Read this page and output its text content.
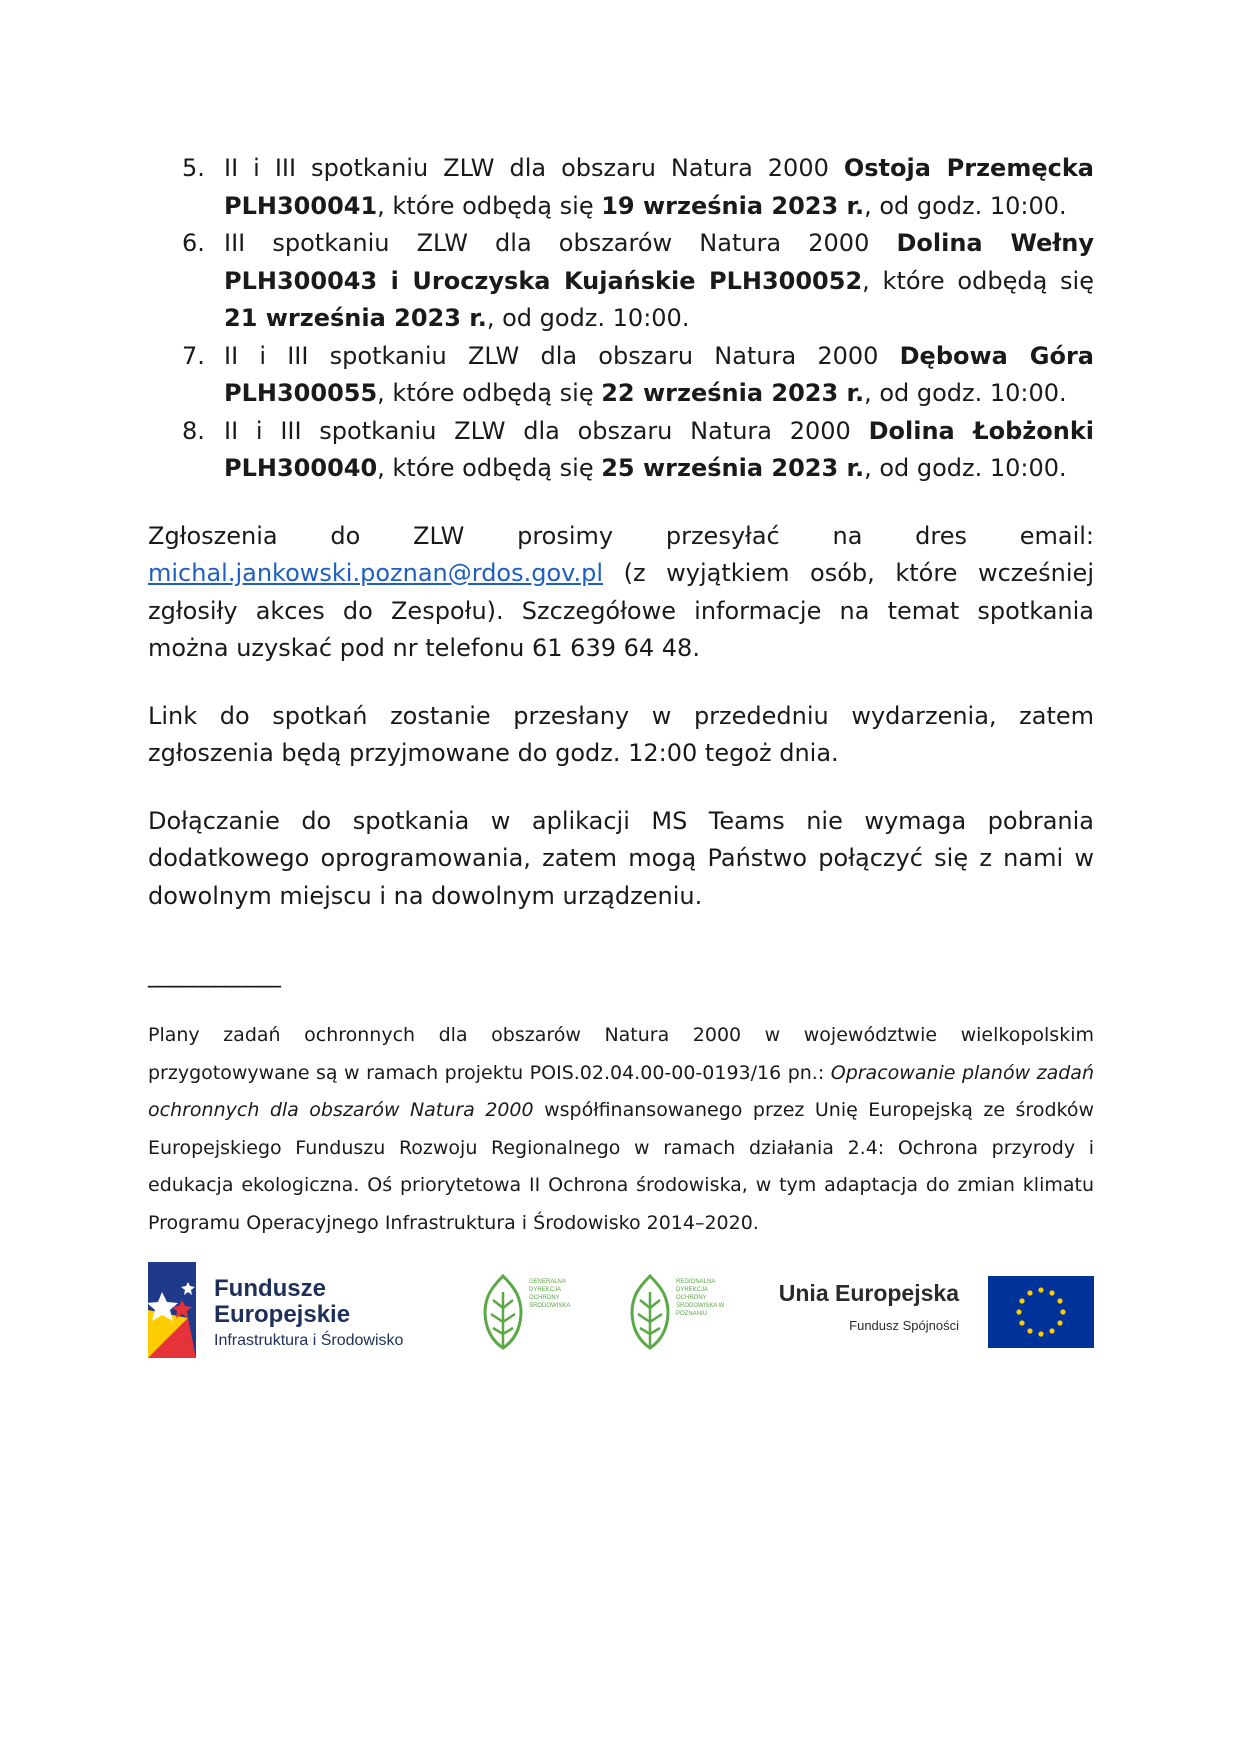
5. II i III spotkaniu ZLW dla obszaru Natura 2000 Ostoja Przemęcka PLH300041, które odbędą się 19 września 2023 r., od godz. 10:00.
6. III spotkaniu ZLW dla obszarów Natura 2000 Dolina Wełny PLH300043 i Uroczyska Kujańskie PLH300052, które odbędą się 21 września 2023 r., od godz. 10:00.
7. II i III spotkaniu ZLW dla obszaru Natura 2000 Dębowa Góra PLH300055, które odbędą się 22 września 2023 r., od godz. 10:00.
8. II i III spotkaniu ZLW dla obszaru Natura 2000 Dolina Łobżonki PLH300040, które odbędą się 25 września 2023 r., od godz. 10:00.

Zgłoszenia do ZLW prosimy przesyłać na dres email: michal.jankowski.poznan@rdos.gov.pl (z wyjątkiem osób, które wcześniej zgłosiły akces do Zespołu). Szczegółowe informacje na temat spotkania można uzyskać pod nr telefonu 61 639 64 48.

Link do spotkań zostanie przesłany w przededniu wydarzenia, zatem zgłoszenia będą przyjmowane do godz. 12:00 tegoż dnia.

Dołączanie do spotkania w aplikacji MS Teams nie wymaga pobrania dodatkowego oprogramowania, zatem mogą Państwo połączyć się z nami w dowolnym miejscu i na dowolnym urządzeniu.

____________

Plany zadań ochronnych dla obszarów Natura 2000 w województwie wielkopolskim przygotowywane są w ramach projektu POIS.02.04.00-00-0193/16 pn.: Opracowanie planów zadań ochronnych dla obszarów Natura 2000 współfinansowanego przez Unię Europejską ze środków Europejskiego Funduszu Rozwoju Regionalnego w ramach działania 2.4: Ochrona przyrody i edukacja ekologiczna. Oś priorytetowa II Ochrona środowiska, w tym adaptacja do zmian klimatu Programu Operacyjnego Infrastruktura i Środowisko 2014–2020.

Fundusze
Europejskie
Infrastruktura i Środowisko
GENERALNA DYREKCJA OCHRONY ŚRODOWISKA
REGIONALNA DYREKCJA OCHRONY ŚRODOWISKA W POZNANIU
Unia Europejska
Fundusz Spójności
